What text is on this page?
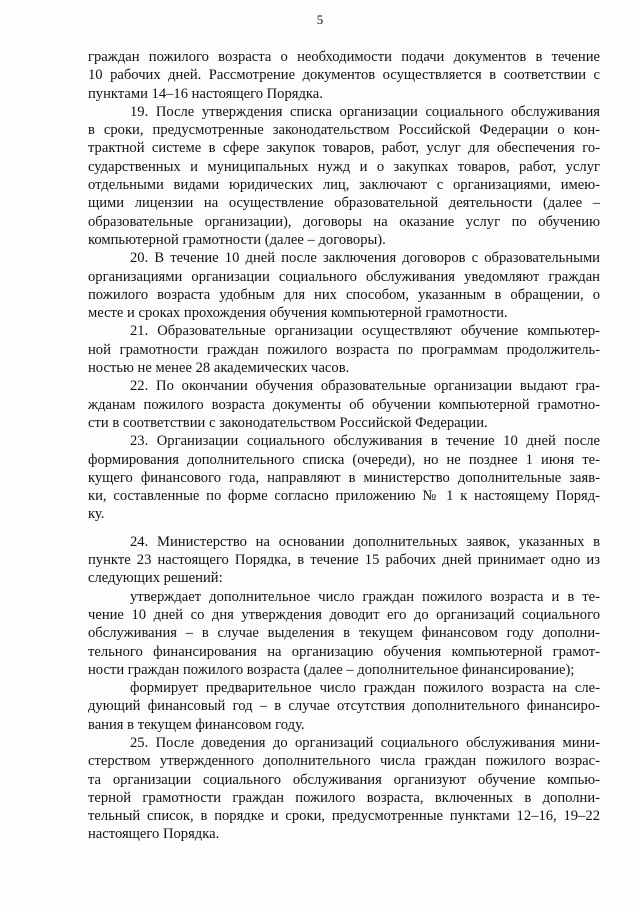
5
граждан пожилого возраста о необходимости подачи документов в течение
10 рабочих дней. Рассмотрение документов осуществляется в соответствии с
пунктами 14–16 настоящего Порядка.
19. После утверждения списка организации социального обслуживания
в сроки, предусмотренные законодательством Российской Федерации о кон-
трактной системе в сфере закупок товаров, работ, услуг для обеспечения го-
сударственных и муниципальных нужд и о закупках товаров, работ, услуг
отдельными видами юридических лиц, заключают с организациями, имею-
щими лицензии на осуществление образовательной деятельности (далее –
образовательные организации), договоры на оказание услуг по обучению
компьютерной грамотности (далее – договоры).
20. В течение 10 дней после заключения договоров с образовательными
организациями организации социального обслуживания уведомляют граждан
пожилого возраста удобным для них способом, указанным в обращении, о
месте и сроках прохождения обучения компьютерной грамотности.
21. Образовательные организации осуществляют обучение компьютер-
ной грамотности граждан пожилого возраста по программам продолжитель-
ностью не менее 28 академических часов.
22. По окончании обучения образовательные организации выдают гра-
жданам пожилого возраста документы об обучении компьютерной грамотно-
сти в соответствии с законодательством Российской Федерации.
23. Организации социального обслуживания в течение 10 дней после
формирования дополнительного списка (очереди), но не позднее 1 июня те-
кущего финансового года, направляют в министерство дополнительные заяв-
ки, составленные по форме согласно приложению № 1 к настоящему Поряд-
ку.
24. Министерство на основании дополнительных заявок, указанных в
пункте 23 настоящего Порядка, в течение 15 рабочих дней принимает одно из
следующих решений:
утверждает дополнительное число граждан пожилого возраста и в те-
чение 10 дней со дня утверждения доводит его до организаций социального
обслуживания – в случае выделения в текущем финансовом году дополни-
тельного финансирования на организацию обучения компьютерной грамот-
ности граждан пожилого возраста (далее – дополнительное финансирование);
формирует предварительное число граждан пожилого возраста на сле-
дующий финансовый год – в случае отсутствия дополнительного финансиро-
вания в текущем финансовом году.
25. После доведения до организаций социального обслуживания мини-
стерством утвержденного дополнительного числа граждан пожилого возрас-
та организации социального обслуживания организуют обучение компью-
терной грамотности граждан пожилого возраста, включенных в дополни-
тельный список, в порядке и сроки, предусмотренные пунктами 12–16, 19–22
настоящего Порядка.
